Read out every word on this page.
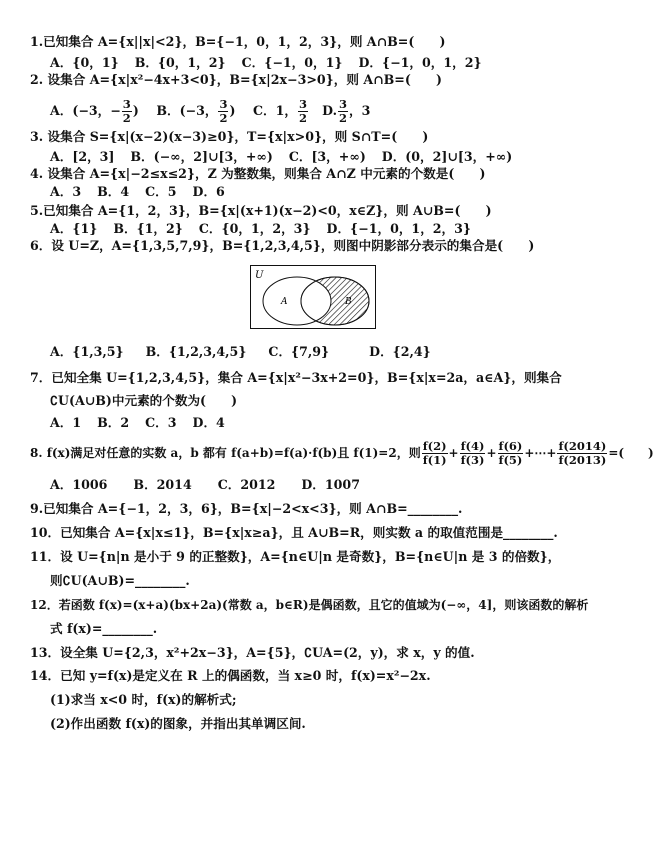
1.已知集合 A={x||x|<2}，B={−1，0，1，2，3}，则 A∩B=(　　)
A．{0，1} B．{0，1，2} C．{−1，0，1} D．{−1，0，1，2}
2. 设集合 A={x|x²−4x+3<0}，B={x|2x−3>0}，则 A∩B=(　　)
A．(−3，− $\frac{3}{2}$ ) B．(−3， $\frac{3}{2}$ ) C．1， $\frac{3}{2} D$. $\frac{3}{2}$ ，3
3. 设集合 S={x|(x−2)(x−3)≥0}，T={x|x>0}，则 S∩T=(　　)
A．[2，3] B．(−∞，2]∪[3，+∞) C．[3，+∞) D．(0，2]∪[3，+∞)
4. 设集合 A={x|−2≤x≤2}，Z 为整数集，则集合 A∩Z 中元素的个数是(　　)
A．3 B．4 C．5 D．6
5.已知集合 A={1，2，3}，B={x|(x+1)(x−2)<0，x∈Z}，则 A∪B=(　　)
A．{1} B．{1，2} C．{0，1，2，3} D．{−1，0，1，2，3}
6．设 U=Z，A={1,3,5,7,9}，B={1,2,3,4,5}，则图中阴影部分表示的集合是(　　)
U
A	B
A．{1,3,5} B．{1,2,3,4,5} C．{7,9}	D．{2,4}
7．已知全集 U={1,2,3,4,5}，集合 A={x|x²−3x+2=0}，B={x|x=2a，a∈A}，则集合
∁U(A∪B)中元素的个数为(　　)
A．1 B．2 C．3 D．4
8. f(x)满足对任意的实数 a，b 都有 f(a+b)=f(a)·f(b)且 f(1)=2，则 $\frac{f(2)}{f(1)} + \frac{f(4)}{f(3)} + \frac{f(6)}{f(5)}$ +⋯+ $\frac{f(2014)}{f(2013)}$ =(　　)
A．1006 B．2014 C．2012 D．1007
9.已知集合 A={−1，2，3，6}，B={x|−2<x<3}，则 A∩B=________.
10．已知集合 A={x|x≤1}，B={x|x≥a}，且 A∪B=R，则实数 a 的取值范围是________.
11．设 U={n|n 是小于 9 的正整数}，A={n∈U|n 是奇数}，B={n∈U|n 是 3 的倍数}，
则∁U(A∪B)=________.
12．若函数 f(x)=(x+a)(bx+2a)(常数 a，b∈R)是偶函数，且它的值域为(−∞，4]，则该函数的解析
式 f(x)=________.
13．设全集 U={2,3，x²+2x−3}，A={5}，∁UA=(2，y)，求 x，y 的值.
14．已知 y=f(x)是定义在 R 上的偶函数，当 x≥0 时，f(x)=x²−2x.
(1)求当 x<0 时，f(x)的解析式;
(2)作出函数 f(x)的图象，并指出其单调区间.
